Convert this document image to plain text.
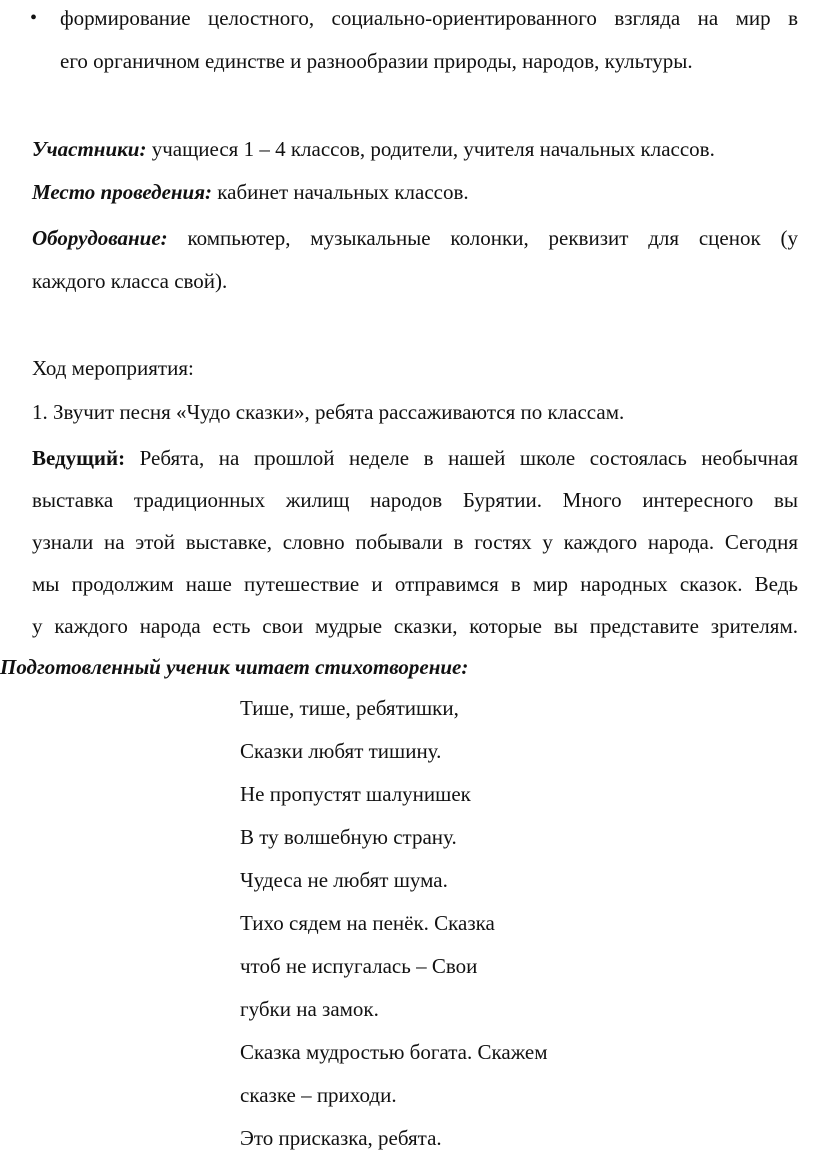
• формирование целостного, социально-ориентированного взгляда на мир в
его органичном единстве и разнообразии природы, народов, культуры.
Участники: учащиеся 1 – 4 классов, родители, учителя начальных классов.
Место проведения: кабинет начальных классов.
Оборудование: компьютер, музыкальные колонки, реквизит для сценок (у
каждого класса свой).
Ход мероприятия:
1. Звучит песня «Чудо сказки», ребята рассаживаются по классам.
Ведущий: Ребята, на прошлой неделе в нашей школе состоялась необычная
выставка традиционных жилищ народов Бурятии. Много интересного вы
узнали на этой выставке, словно побывали в гостях у каждого народа. Сегодня
мы продолжим наше путешествие и отправимся в мир народных сказок. Ведь
у каждого народа есть свои мудрые сказки, которые вы представите зрителям.
Подготовленный ученик читает стихотворение:
Тише, тише, ребятишки,
Сказки любят тишину.
Не пропустят шалунишек
В ту волшебную страну.
Чудеса не любят шума.
Тихо сядем на пенёк. Сказка
чтоб не испугалась – Свои
губки на замок.
Сказка мудростью богата. Скажем
сказке – приходи.
Это присказка, ребята.
